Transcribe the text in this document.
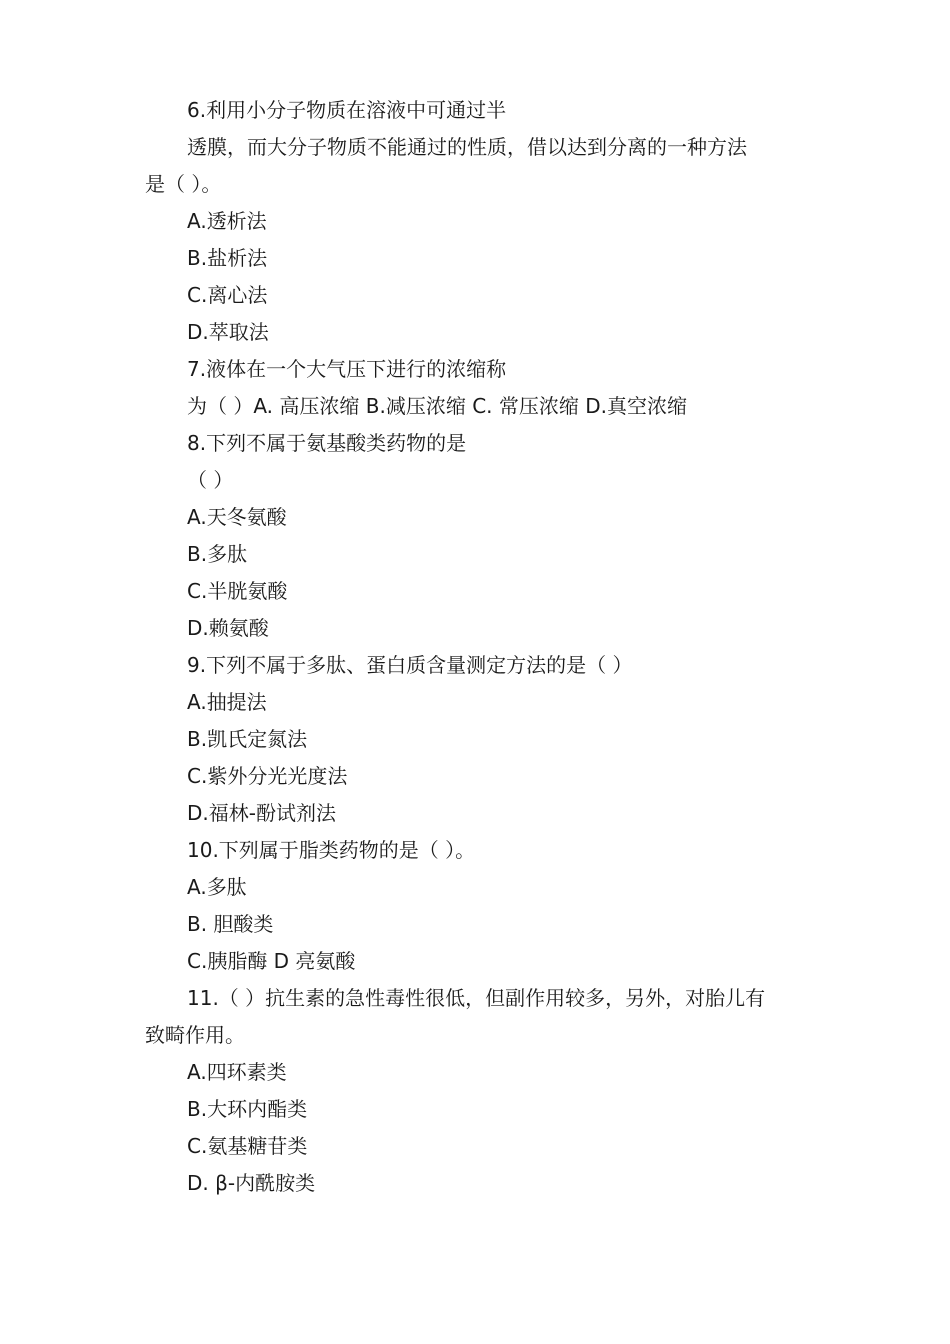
6.利用小分子物质在溶液中可通过半
透膜，而大分子物质不能通过的性质，借以达到分离的一种方法
是（ ）。
A.透析法
B.盐析法
C.离心法
D.萃取法
7.液体在一个大气压下进行的浓缩称
为（ ）A. 高压浓缩 B.减压浓缩 C. 常压浓缩 D.真空浓缩
8.下列不属于氨基酸类药物的是
（ ）
A.天冬氨酸
B.多肽
C.半胱氨酸
D.赖氨酸
9.下列不属于多肽、蛋白质含量测定方法的是（ ）
A.抽提法
B.凯氏定氮法
C.紫外分光光度法
D.福林-酚试剂法
10.下列属于脂类药物的是（ ）。
A.多肽
B. 胆酸类
C.胰脂酶 D 亮氨酸
11.（ ）抗生素的急性毒性很低，但副作用较多，另外，对胎儿有
致畸作用。
A.四环素类
B.大环内酯类
C.氨基糖苷类
D. β-内酰胺类
